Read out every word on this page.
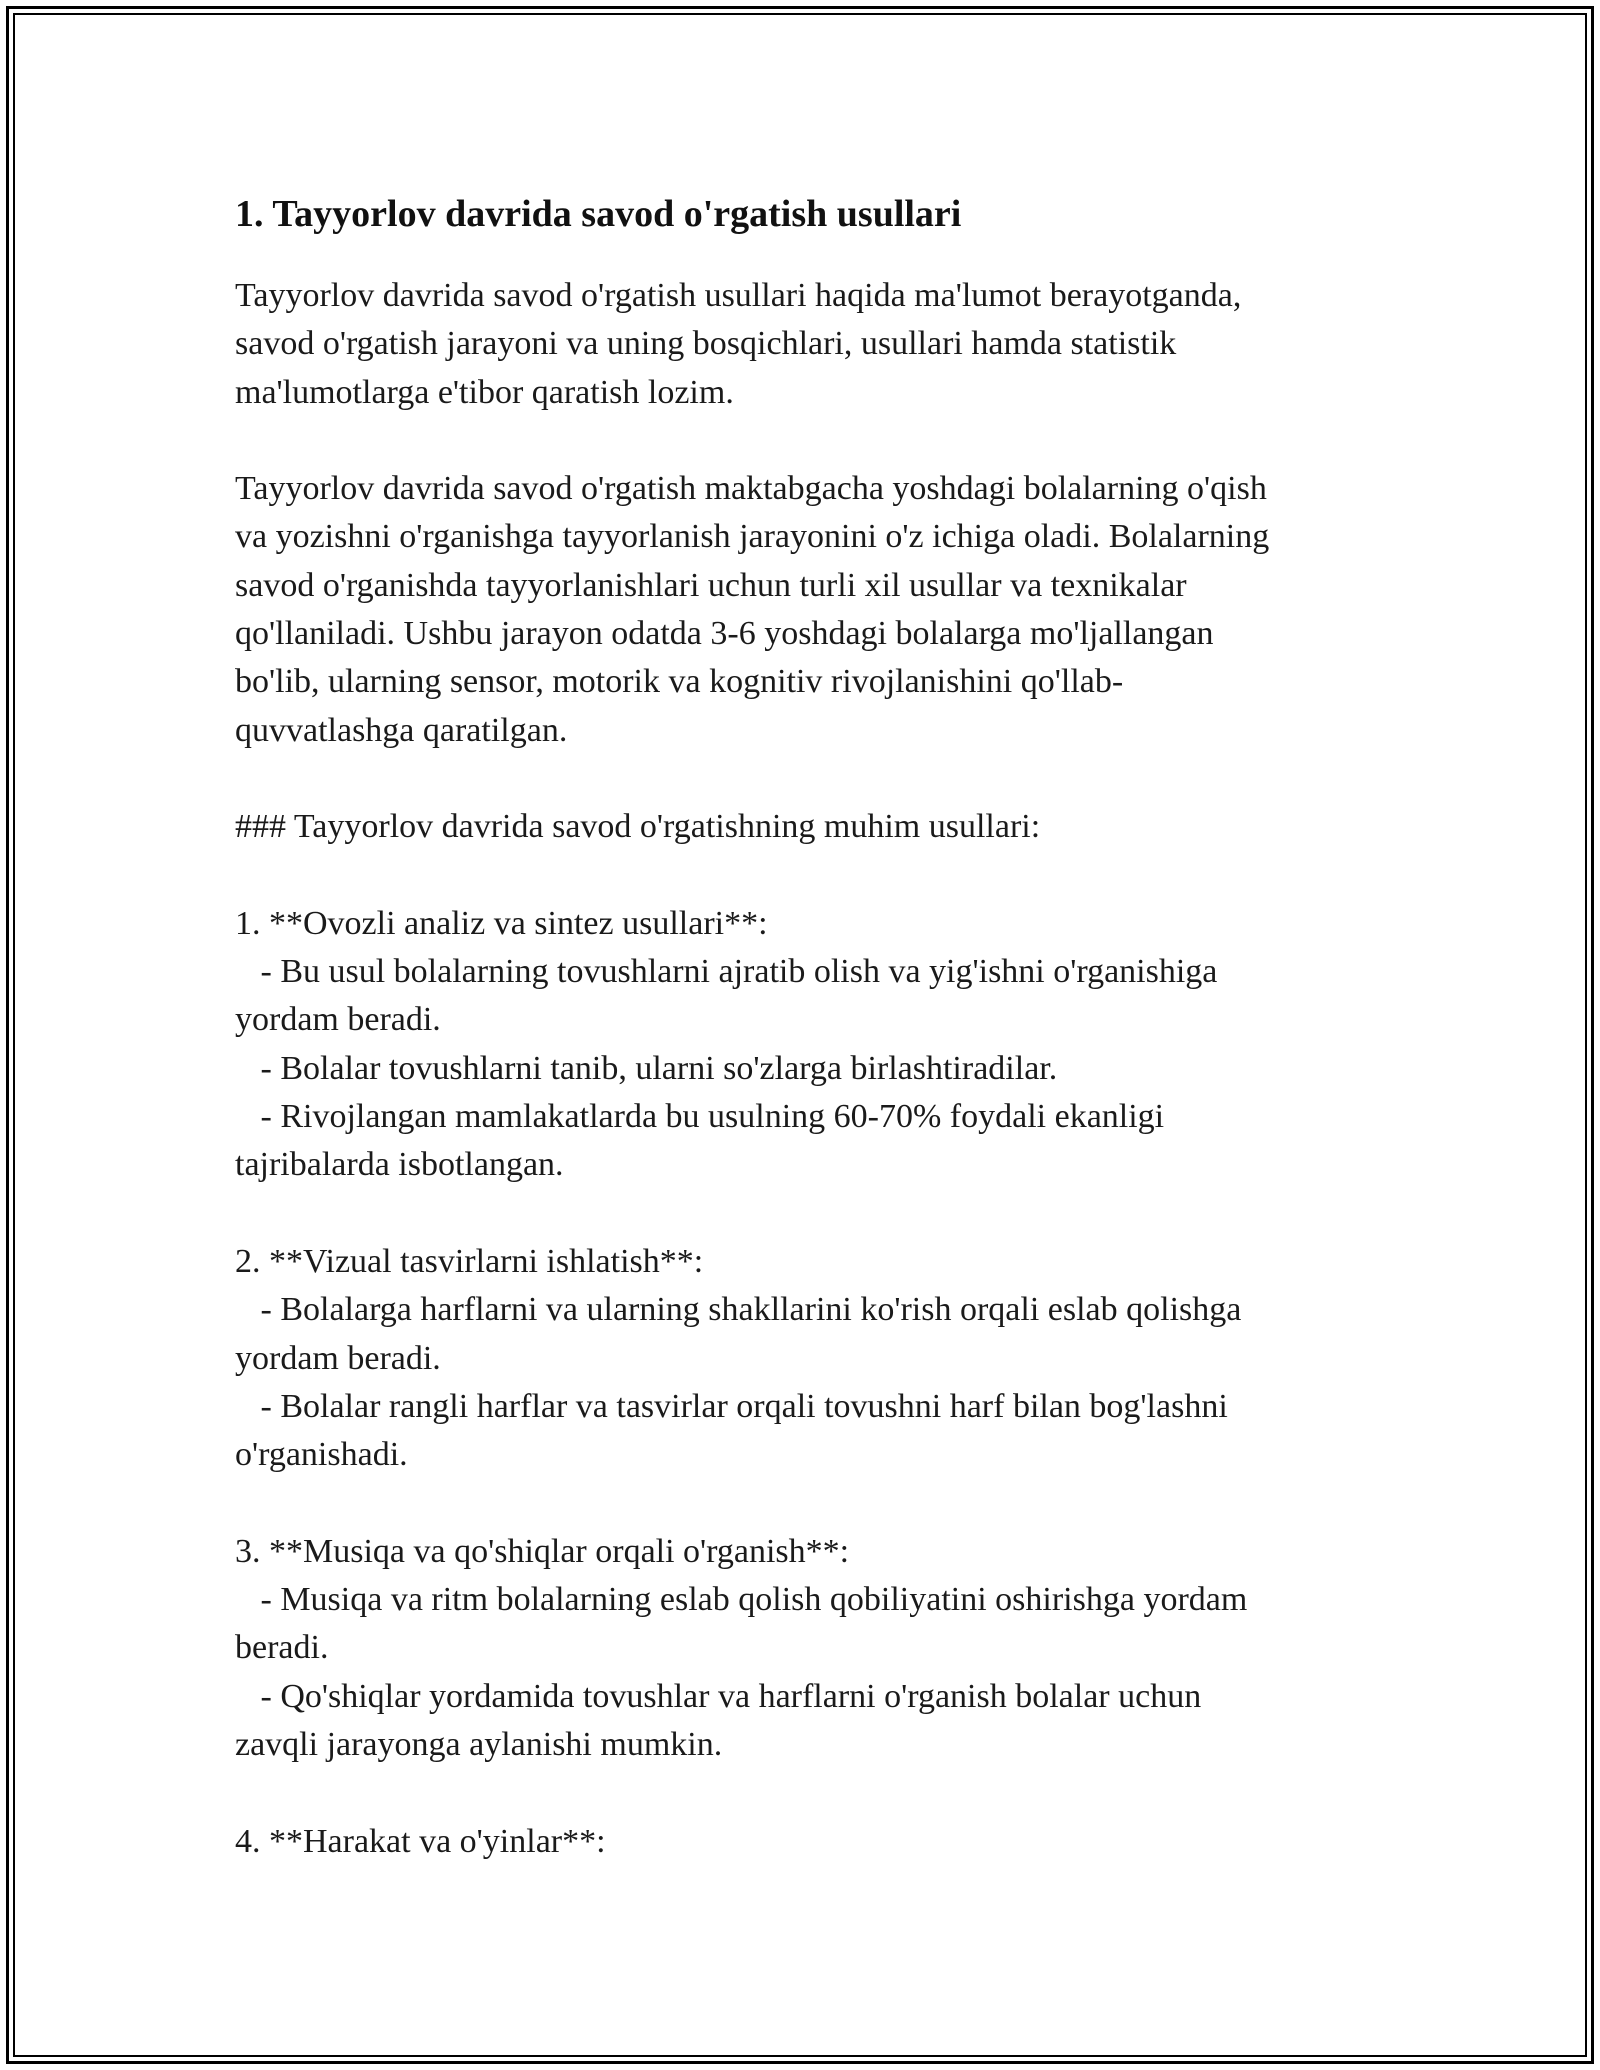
1. Tayyorlov davrida savod o'rgatish usullari
Tayyorlov davrida savod o'rgatish usullari haqida ma'lumot berayotganda,
savod o'rgatish jarayoni va uning bosqichlari, usullari hamda statistik
ma'lumotlarga e'tibor qaratish lozim.

Tayyorlov davrida savod o'rgatish maktabgacha yoshdagi bolalarning o'qish
va yozishni o'rganishga tayyorlanish jarayonini o'z ichiga oladi. Bolalarning
savod o'rganishda tayyorlanishlari uchun turli xil usullar va texnikalar
qo'llaniladi. Ushbu jarayon odatda 3-6 yoshdagi bolalarga mo'ljallangan
bo'lib, ularning sensor, motorik va kognitiv rivojlanishini qo'llab-
quvvatlashga qaratilgan.

### Tayyorlov davrida savod o'rgatishning muhim usullari:

1. **Ovozli analiz va sintez usullari**:
- Bu usul bolalarning tovushlarni ajratib olish va yig'ishni o'rganishiga
yordam beradi.
- Bolalar tovushlarni tanib, ularni so'zlarga birlashtiradilar.
- Rivojlangan mamlakatlarda bu usulning 60-70% foydali ekanligi
tajribalarda isbotlangan.

2. **Vizual tasvirlarni ishlatish**:
- Bolalarga harflarni va ularning shakllarini ko'rish orqali eslab qolishga
yordam beradi.
- Bolalar rangli harflar va tasvirlar orqali tovushni harf bilan bog'lashni
o'rganishadi.

3. **Musiqa va qo'shiqlar orqali o'rganish**:
- Musiqa va ritm bolalarning eslab qolish qobiliyatini oshirishga yordam
beradi.
- Qo'shiqlar yordamida tovushlar va harflarni o'rganish bolalar uchun
zavqli jarayonga aylanishi mumkin.

4. **Harakat va o'yinlar**:
